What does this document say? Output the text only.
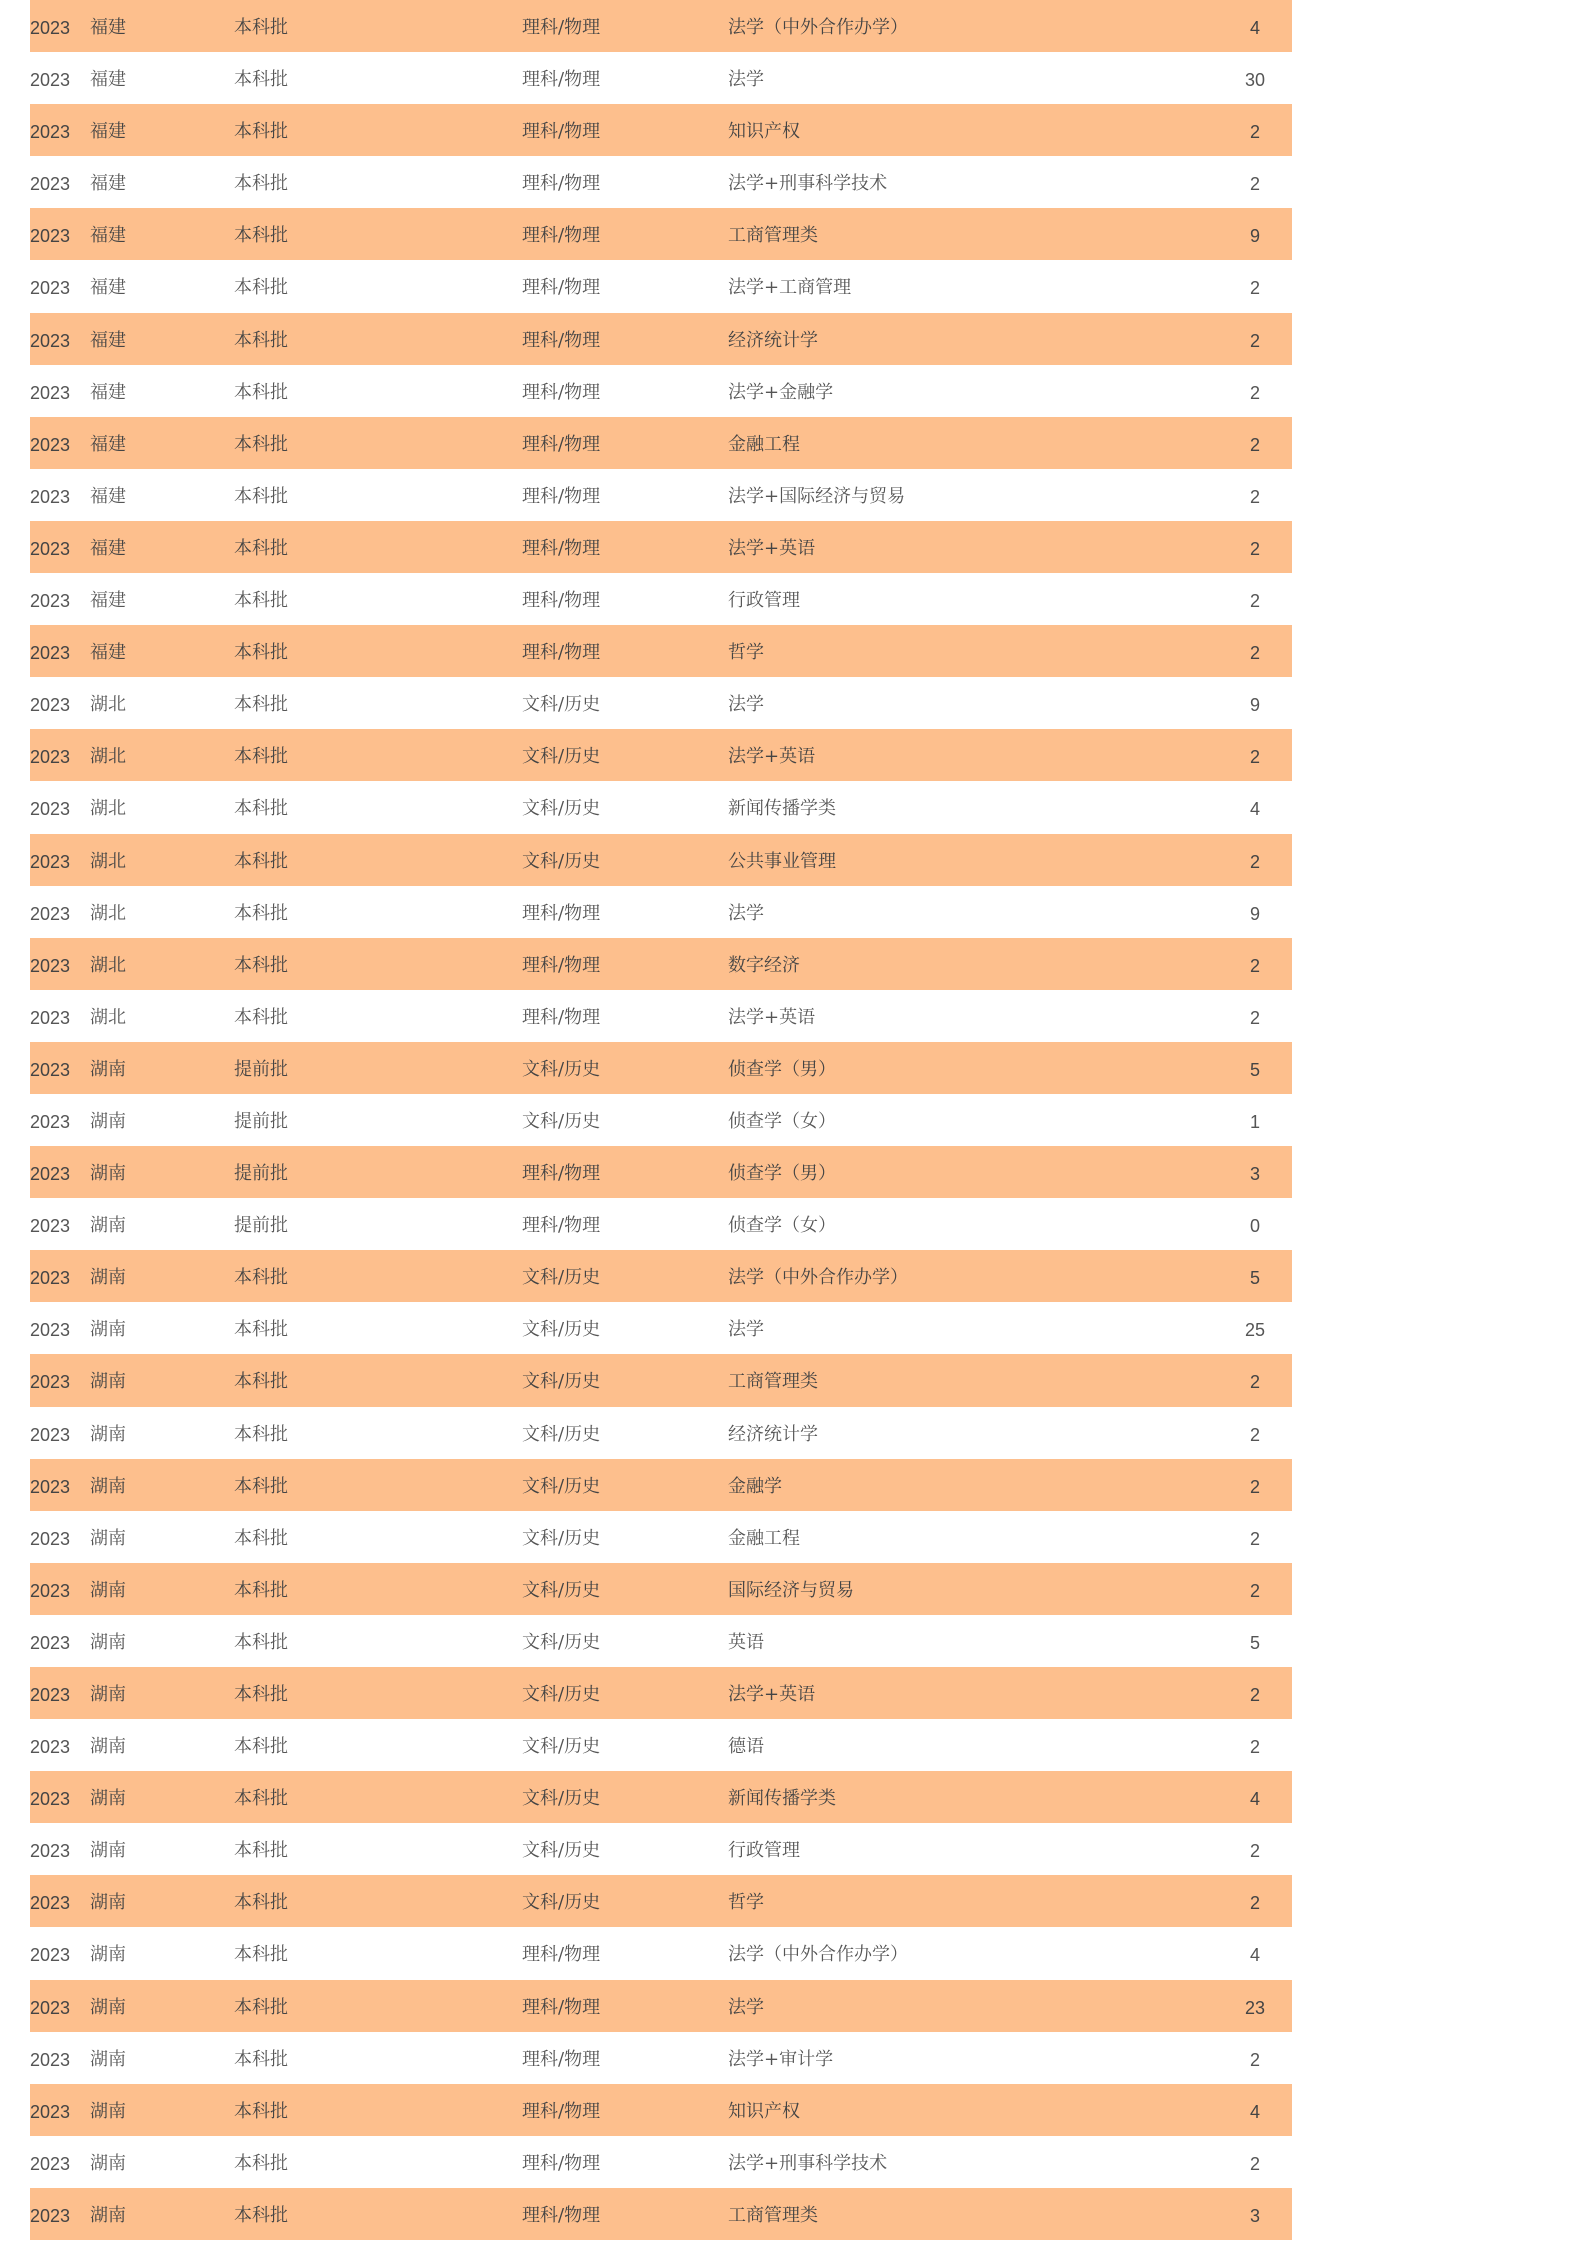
2023 福建	本科批	理科/物理	法学（中外合作办学）	4
2023 福建	本科批	理科/物理	法学	30
2023 福建	本科批	理科/物理	知识产权	2
2023 福建	本科批	理科/物理	法学+刑事科学技术	2
2023 福建	本科批	理科/物理	工商管理类	9
2023 福建	本科批	理科/物理	法学+工商管理	2
2023 福建	本科批	理科/物理	经济统计学	2
2023 福建	本科批	理科/物理	法学+金融学	2
2023 福建	本科批	理科/物理	金融工程	2
2023 福建	本科批	理科/物理	法学+国际经济与贸易	2
2023 福建	本科批	理科/物理	法学+英语	2
2023 福建	本科批	理科/物理	行政管理	2
2023 福建	本科批	理科/物理	哲学	2
2023 湖北	本科批	文科/历史	法学	9
2023 湖北	本科批	文科/历史	法学+英语	2
2023 湖北	本科批	文科/历史	新闻传播学类	4
2023 湖北	本科批	文科/历史	公共事业管理	2
2023 湖北	本科批	理科/物理	法学	9
2023 湖北	本科批	理科/物理	数字经济	2
2023 湖北	本科批	理科/物理	法学+英语	2
2023 湖南	提前批	文科/历史	侦查学（男）	5
2023 湖南	提前批	文科/历史	侦查学（女）	1
2023 湖南	提前批	理科/物理	侦查学（男）	3
2023 湖南	提前批	理科/物理	侦查学（女）	0
2023 湖南	本科批	文科/历史	法学（中外合作办学）	5
2023 湖南	本科批	文科/历史	法学	25
2023 湖南	本科批	文科/历史	工商管理类	2
2023 湖南	本科批	文科/历史	经济统计学	2
2023 湖南	本科批	文科/历史	金融学	2
2023 湖南	本科批	文科/历史	金融工程	2
2023 湖南	本科批	文科/历史	国际经济与贸易	2
2023 湖南	本科批	文科/历史	英语	5
2023 湖南	本科批	文科/历史	法学+英语	2
2023 湖南	本科批	文科/历史	德语	2
2023 湖南	本科批	文科/历史	新闻传播学类	4
2023 湖南	本科批	文科/历史	行政管理	2
2023 湖南	本科批	文科/历史	哲学	2
2023 湖南	本科批	理科/物理	法学（中外合作办学）	4
2023 湖南	本科批	理科/物理	法学	23
2023 湖南	本科批	理科/物理	法学+审计学	2
2023 湖南	本科批	理科/物理	知识产权	4
2023 湖南	本科批	理科/物理	法学+刑事科学技术	2
2023 湖南	本科批	理科/物理	工商管理类	3
